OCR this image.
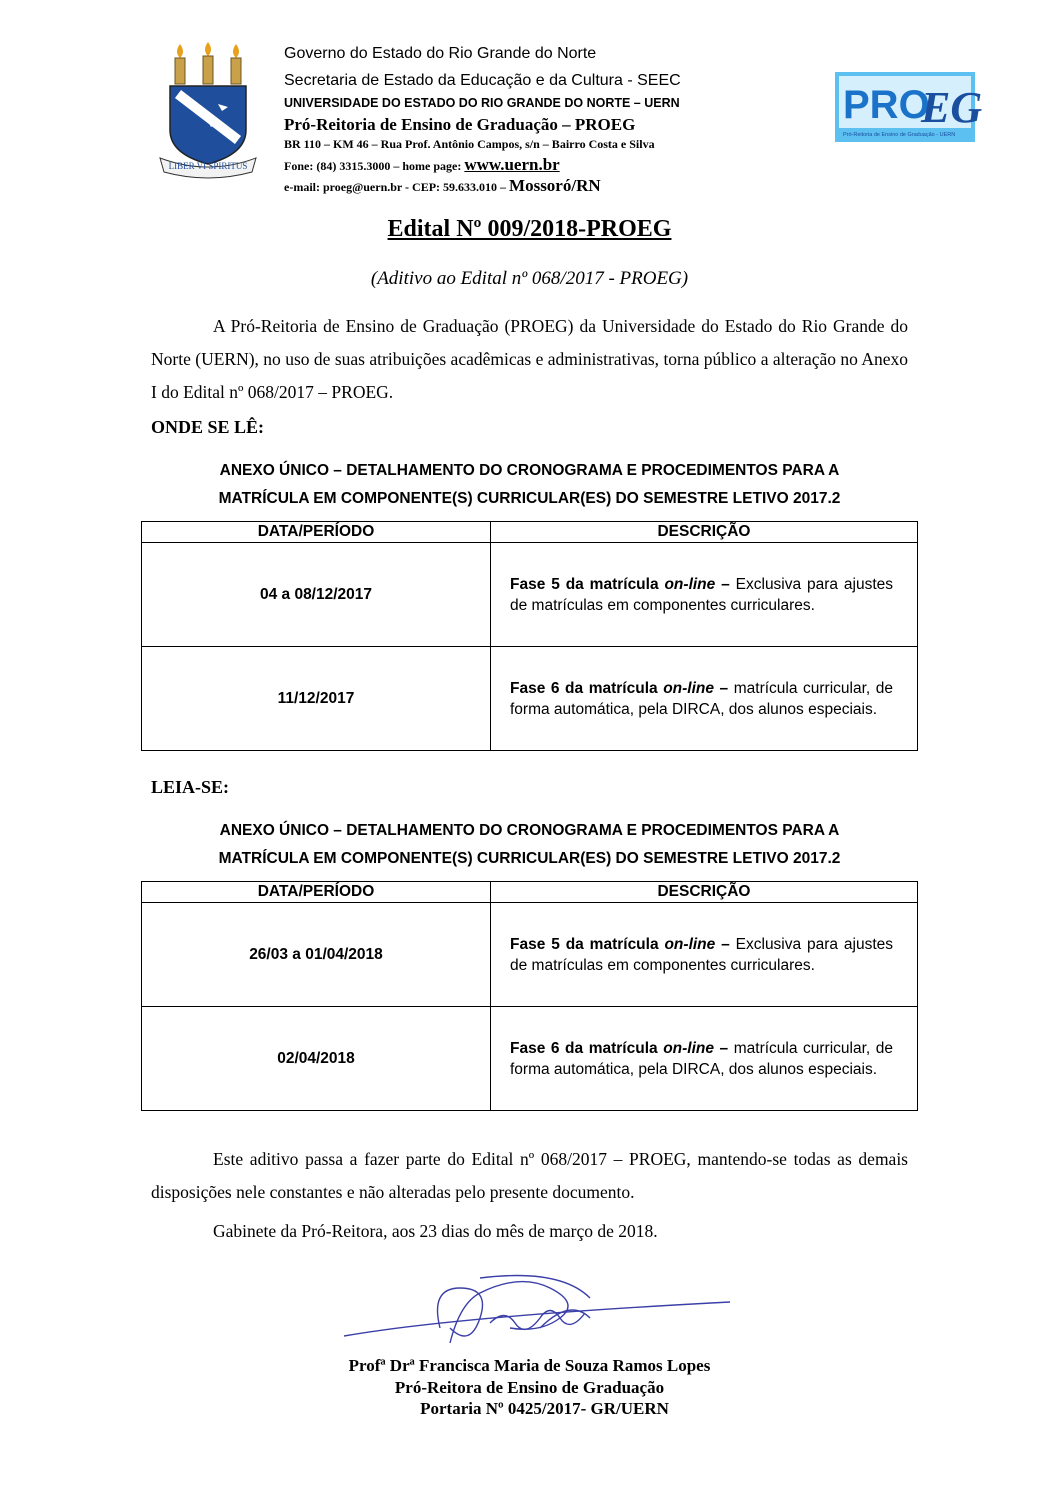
LIBER VI SPIRITUS
Governo do Estado do Rio Grande do Norte
Secretaria de Estado da Educação e da Cultura - SEEC
UNIVERSIDADE DO ESTADO DO RIO GRANDE DO NORTE – UERN
Pró-Reitoria de Ensino de Graduação – PROEG
BR 110 – KM 46 – Rua Prof. Antônio Campos, s/n – Bairro Costa e Silva
Fone: (84) 3315.3000 – home page: www.uern.br
e-mail: proeg@uern.br - CEP: 59.633.010 – Mossoró/RN
PRO
EG
Pró-Reitoria de Ensino de Graduação - UERN
Edital Nº 009/2018-PROEG
(Aditivo ao Edital nº 068/2017 - PROEG)
A Pró-Reitoria de Ensino de Graduação (PROEG) da Universidade do Estado do Rio Grande do Norte (UERN), no uso de suas atribuições acadêmicas e administrativas, torna público a alteração no Anexo I do Edital nº 068/2017 – PROEG.
ONDE SE LÊ:
ANEXO ÚNICO – DETALHAMENTO DO CRONOGRAMA E PROCEDIMENTOS PARA A
MATRÍCULA EM COMPONENTE(S) CURRICULAR(ES) DO SEMESTRE LETIVO 2017.2
DATA/PERÍODO	DESCRIÇÃO
04 a 08/12/2017	Fase 5 da matrícula on-line – Exclusiva para ajustes de matrículas em componentes curriculares.
11/12/2017	Fase 6 da matrícula on-line – matrícula curricular, de forma automática, pela DIRCA, dos alunos especiais.
LEIA-SE:
ANEXO ÚNICO – DETALHAMENTO DO CRONOGRAMA E PROCEDIMENTOS PARA A
MATRÍCULA EM COMPONENTE(S) CURRICULAR(ES) DO SEMESTRE LETIVO 2017.2
DATA/PERÍODO	DESCRIÇÃO
26/03 a 01/04/2018	Fase 5 da matrícula on-line – Exclusiva para ajustes de matrículas em componentes curriculares.
02/04/2018	Fase 6 da matrícula on-line – matrícula curricular, de forma automática, pela DIRCA, dos alunos especiais.
Este aditivo passa a fazer parte do Edital nº 068/2017 – PROEG, mantendo-se todas as demais disposições nele constantes e não alteradas pelo presente documento.
Gabinete da Pró-Reitora, aos 23 dias do mês de março de 2018.
Profª Drª Francisca Maria de Souza Ramos Lopes
Pró-Reitora de Ensino de Graduação
Portaria Nº 0425/2017- GR/UERN
